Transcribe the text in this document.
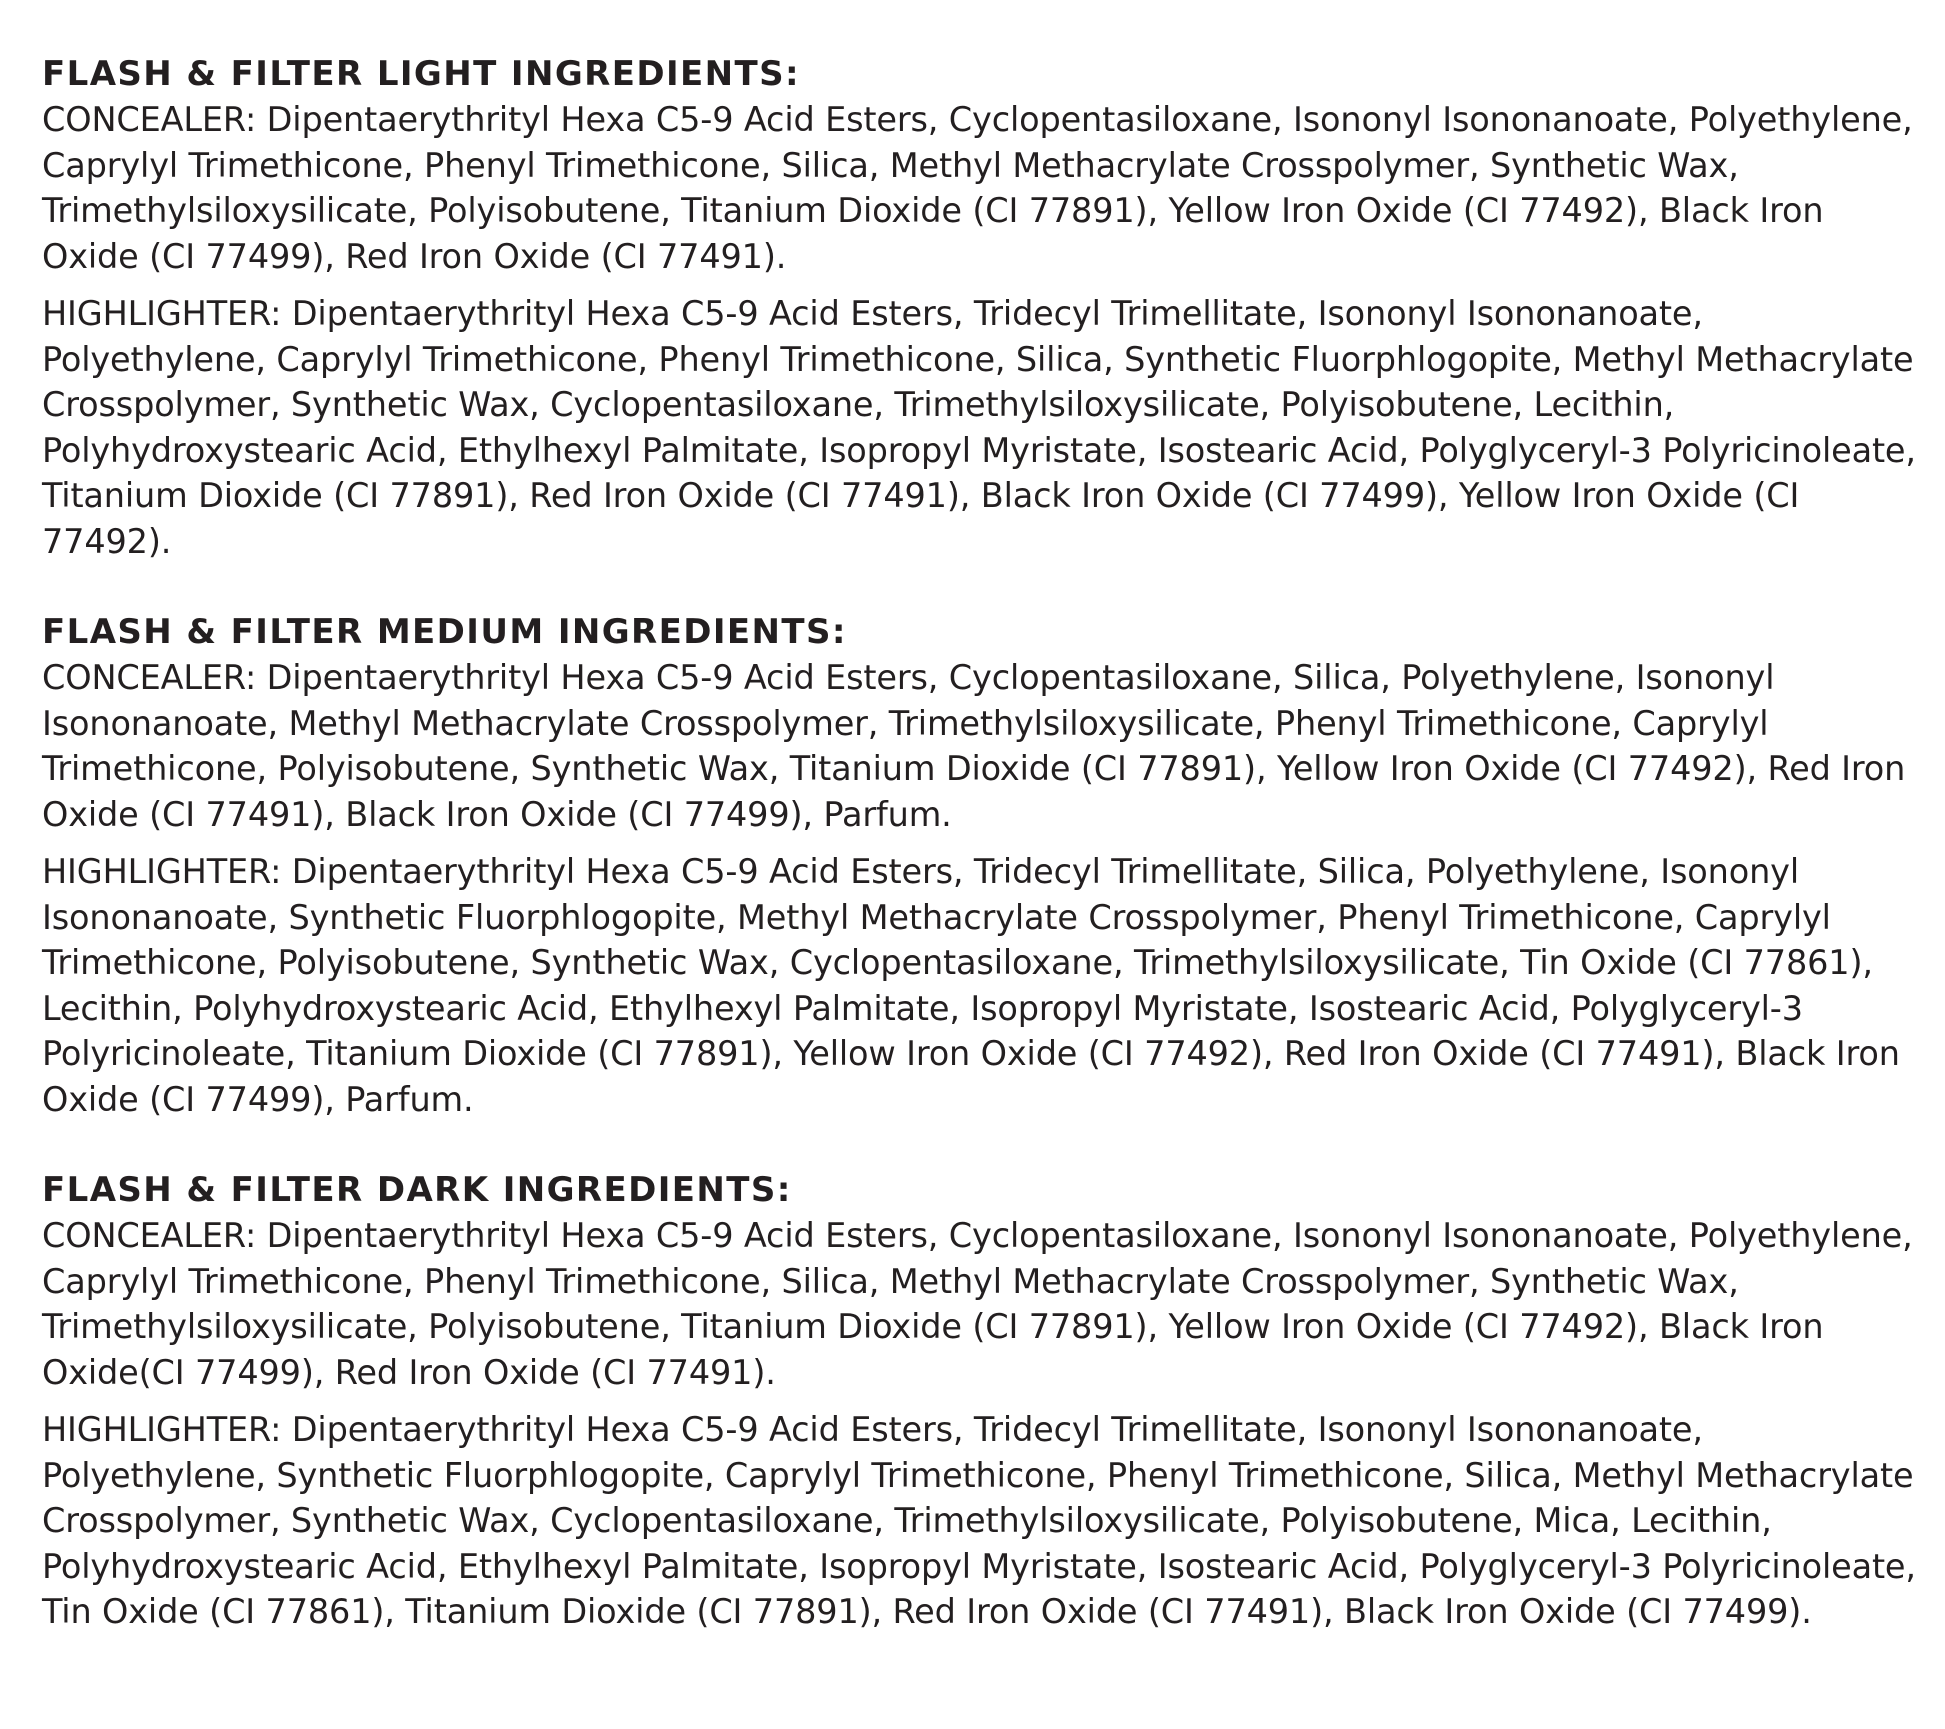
FLASH & FILTER LIGHT INGREDIENTS:

CONCEALER: Dipentaerythrityl Hexa C5-9 Acid Esters, Cyclopentasiloxane, Isononyl Isononanoate, Polyethylene, Caprylyl Trimethicone, Phenyl Trimethicone, Silica, Methyl Methacrylate Crosspolymer, Synthetic Wax, Trimethylsiloxysilicate, Polyisobutene, Titanium Dioxide (CI 77891), Yellow Iron Oxide (CI 77492), Black Iron Oxide (CI 77499), Red Iron Oxide (CI 77491).

HIGHLIGHTER: Dipentaerythrityl Hexa C5-9 Acid Esters, Tridecyl Trimellitate, Isononyl Isononanoate, Polyethylene, Caprylyl Trimethicone, Phenyl Trimethicone, Silica, Synthetic Fluorphlogopite, Methyl Methacrylate Crosspolymer, Synthetic Wax, Cyclopentasiloxane, Trimethylsiloxysilicate, Polyisobutene, Lecithin, Polyhydroxystearic Acid, Ethylhexyl Palmitate, Isopropyl Myristate, Isostearic Acid, Polyglyceryl-3 Polyricinoleate, Titanium Dioxide (CI 77891), Red Iron Oxide (CI 77491), Black Iron Oxide (CI 77499), Yellow Iron Oxide (CI 77492).

FLASH & FILTER MEDIUM INGREDIENTS:

CONCEALER: Dipentaerythrityl Hexa C5-9 Acid Esters, Cyclopentasiloxane, Silica, Polyethylene, Isononyl Isononanoate, Methyl Methacrylate Crosspolymer, Trimethylsiloxysilicate, Phenyl Trimethicone, Caprylyl Trimethicone, Polyisobutene, Synthetic Wax, Titanium Dioxide (CI 77891), Yellow Iron Oxide (CI 77492), Red Iron Oxide (CI 77491), Black Iron Oxide (CI 77499), Parfum.

HIGHLIGHTER: Dipentaerythrityl Hexa C5-9 Acid Esters, Tridecyl Trimellitate, Silica, Polyethylene, Isononyl Isononanoate, Synthetic Fluorphlogopite, Methyl Methacrylate Crosspolymer, Phenyl Trimethicone, Caprylyl Trimethicone, Polyisobutene, Synthetic Wax, Cyclopentasiloxane, Trimethylsiloxysilicate, Tin Oxide (CI 77861), Lecithin, Polyhydroxystearic Acid, Ethylhexyl Palmitate, Isopropyl Myristate, Isostearic Acid, Polyglyceryl-3 Polyricinoleate, Titanium Dioxide (CI 77891), Yellow Iron Oxide (CI 77492), Red Iron Oxide (CI 77491), Black Iron Oxide (CI 77499), Parfum.

FLASH & FILTER DARK INGREDIENTS:

CONCEALER: Dipentaerythrityl Hexa C5-9 Acid Esters, Cyclopentasiloxane, Isononyl Isononanoate, Polyethylene, Caprylyl Trimethicone, Phenyl Trimethicone, Silica, Methyl Methacrylate Crosspolymer, Synthetic Wax, Trimethylsiloxysilicate, Polyisobutene, Titanium Dioxide (CI 77891), Yellow Iron Oxide (CI 77492), Black Iron Oxide(CI 77499), Red Iron Oxide (CI 77491).

HIGHLIGHTER: Dipentaerythrityl Hexa C5-9 Acid Esters, Tridecyl Trimellitate, Isononyl Isononanoate, Polyethylene, Synthetic Fluorphlogopite, Caprylyl Trimethicone, Phenyl Trimethicone, Silica, Methyl Methacrylate Crosspolymer, Synthetic Wax, Cyclopentasiloxane, Trimethylsiloxysilicate, Polyisobutene, Mica, Lecithin, Polyhydroxystearic Acid, Ethylhexyl Palmitate, Isopropyl Myristate, Isostearic Acid, Polyglyceryl-3 Polyricinoleate, Tin Oxide (CI 77861), Titanium Dioxide (CI 77891), Red Iron Oxide (CI 77491), Black Iron Oxide (CI 77499).
